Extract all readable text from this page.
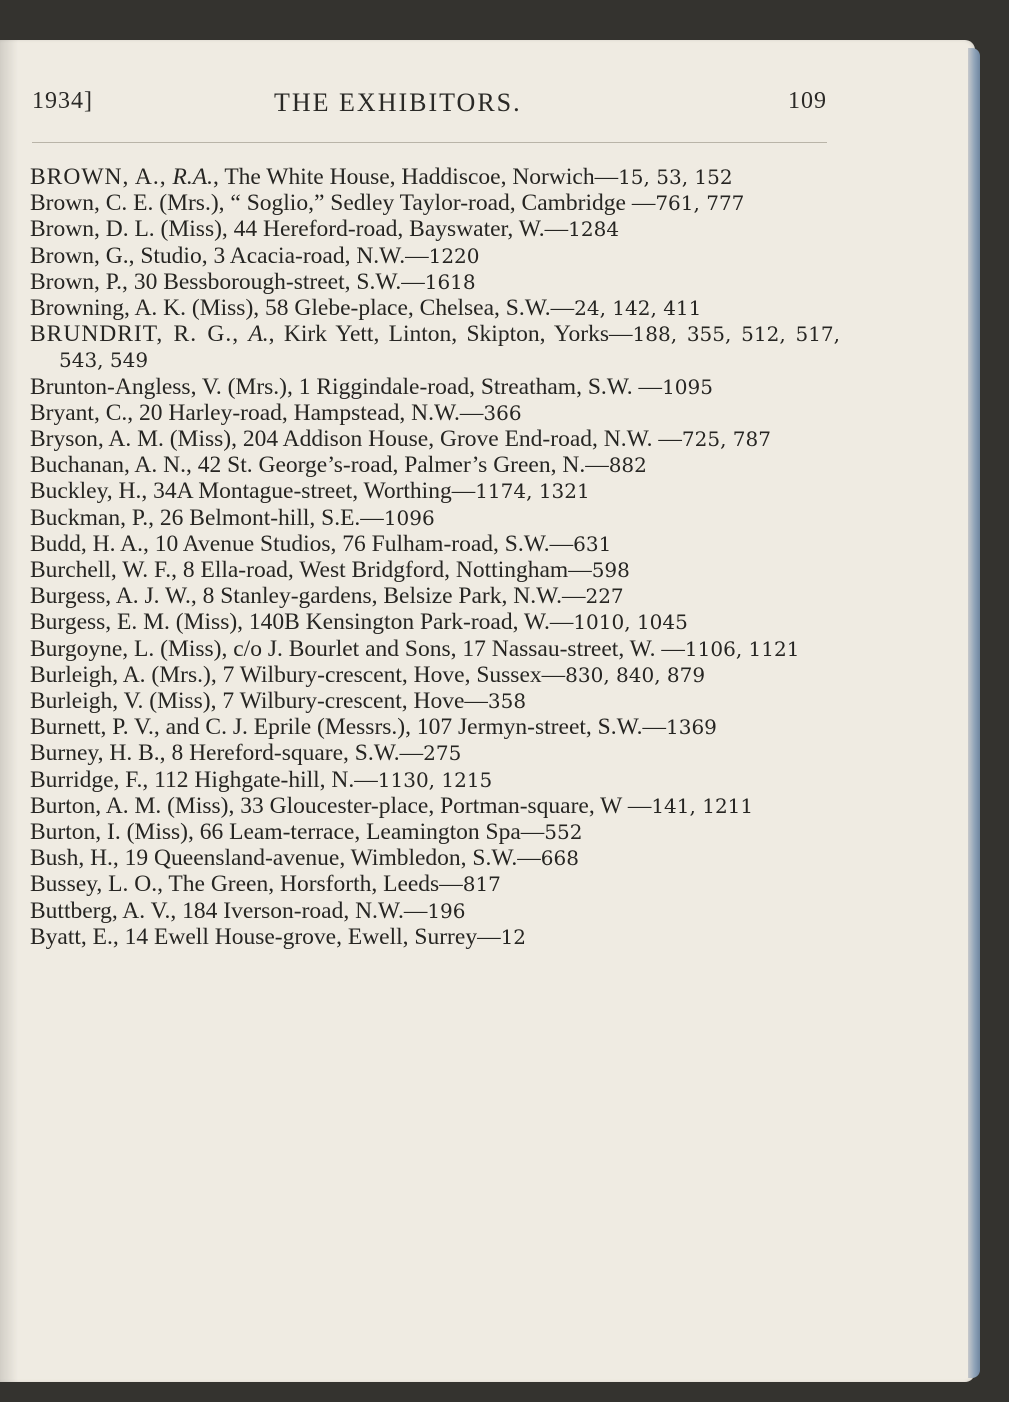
1934]	THE EXHIBITORS.	109

BROWN, A., R.A., The White House, Haddiscoe, Norwich—15, 53, 152

Brown, C. E. (Mrs.), “ Soglio,” Sedley Taylor-road, Cambridge —761, 777

Brown, D. L. (Miss), 44 Hereford-road, Bayswater, W.—1284

Brown, G., Studio, 3 Acacia-road, N.W.—1220

Brown, P., 30 Bessborough-street, S.W.—1618

Browning, A. K. (Miss), 58 Glebe-place, Chelsea, S.W.—24, 142, 411

BRUNDRIT, R. G., A., Kirk Yett, Linton, Skipton, Yorks—188, 355, 512, 517, 543, 549

Brunton-Angless, V. (Mrs.), 1 Riggindale-road, Streatham, S.W. —1095

Bryant, C., 20 Harley-road, Hampstead, N.W.—366

Bryson, A. M. (Miss), 204 Addison House, Grove End-road, N.W. —725, 787

Buchanan, A. N., 42 St. George’s-road, Palmer’s Green, N.—882

Buckley, H., 34A Montague-street, Worthing—1174, 1321

Buckman, P., 26 Belmont-hill, S.E.—1096

Budd, H. A., 10 Avenue Studios, 76 Fulham-road, S.W.—631

Burchell, W. F., 8 Ella-road, West Bridgford, Nottingham—598

Burgess, A. J. W., 8 Stanley-gardens, Belsize Park, N.W.—227

Burgess, E. M. (Miss), 140B Kensington Park-road, W.—1010, 1045

Burgoyne, L. (Miss), c/o J. Bourlet and Sons, 17 Nassau-street, W. —1106, 1121

Burleigh, A. (Mrs.), 7 Wilbury-crescent, Hove, Sussex—830, 840, 879

Burleigh, V. (Miss), 7 Wilbury-crescent, Hove—358

Burnett, P. V., and C. J. Eprile (Messrs.), 107 Jermyn-street, S.W.—1369

Burney, H. B., 8 Hereford-square, S.W.—275

Burridge, F., 112 Highgate-hill, N.—1130, 1215

Burton, A. M. (Miss), 33 Gloucester-place, Portman-square, W —141, 1211

Burton, I. (Miss), 66 Leam-terrace, Leamington Spa—552

Bush, H., 19 Queensland-avenue, Wimbledon, S.W.—668

Bussey, L. O., The Green, Horsforth, Leeds—817

Buttberg, A. V., 184 Iverson-road, N.W.—196

Byatt, E., 14 Ewell House-grove, Ewell, Surrey—12
